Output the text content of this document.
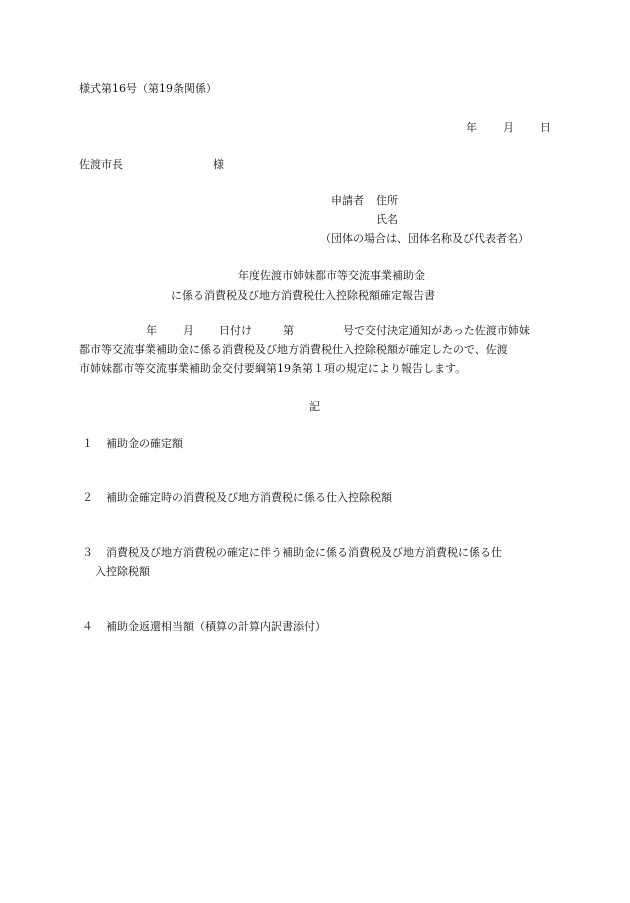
様式第16号（第19条関係）
年 月 日
佐渡市長	様
申請者 住所
氏名
（団体の場合は、団体名称及び代表者名）
年度佐渡市姉妹都市等交流事業補助金
に係る消費税及び地方消費税仕入控除税額確定報告書
年 月 日付け	第	号で交付決定通知があった佐渡市姉妹
都市等交流事業補助金に係る消費税及び地方消費税仕入控除税額が確定したので、佐渡
市姉妹都市等交流事業補助金交付要綱第19条第１項の規定により報告します。
記
１ 補助金の確定額
２ 補助金確定時の消費税及び地方消費税に係る仕入控除税額
３ 消費税及び地方消費税の確定に伴う補助金に係る消費税及び地方消費税に係る仕
入控除税額
４ 補助金返還相当額（積算の計算内訳書添付）
